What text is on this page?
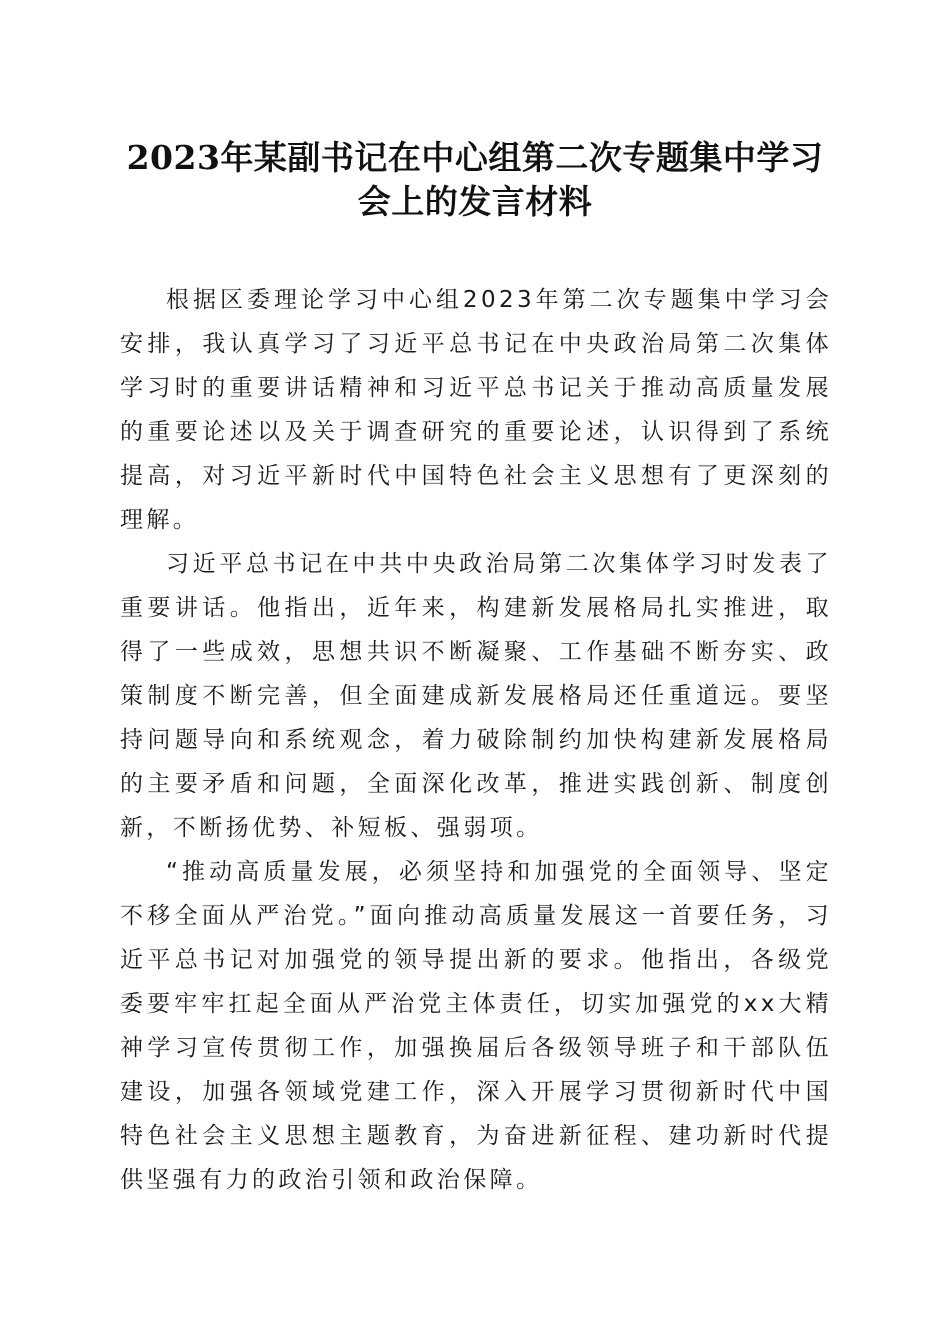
2023年某副书记在中心组第二次专题集中学习会上的发言材料

根据区委理论学习中心组2023年第二次专题集中学习会安排，我认真学习了习近平总书记在中央政治局第二次集体学习时的重要讲话精神和习近平总书记关于推动高质量发展的重要论述以及关于调查研究的重要论述，认识得到了系统提高，对习近平新时代中国特色社会主义思想有了更深刻的理解。

习近平总书记在中共中央政治局第二次集体学习时发表了重要讲话。他指出，近年来，构建新发展格局扎实推进，取得了一些成效，思想共识不断凝聚、工作基础不断夯实、政策制度不断完善，但全面建成新发展格局还任重道远。要坚持问题导向和系统观念，着力破除制约加快构建新发展格局的主要矛盾和问题，全面深化改革，推进实践创新、制度创新，不断扬优势、补短板、强弱项。

“推动高质量发展，必须坚持和加强党的全面领导、坚定不移全面从严治党。”面向推动高质量发展这一首要任务，习近平总书记对加强党的领导提出新的要求。他指出，各级党委要牢牢扛起全面从严治党主体责任，切实加强党的xx大精神学习宣传贯彻工作，加强换届后各级领导班子和干部队伍建设，加强各领域党建工作，深入开展学习贯彻新时代中国特色社会主义思想主题教育，为奋进新征程、建功新时代提供坚强有力的政治引领和政治保障。
